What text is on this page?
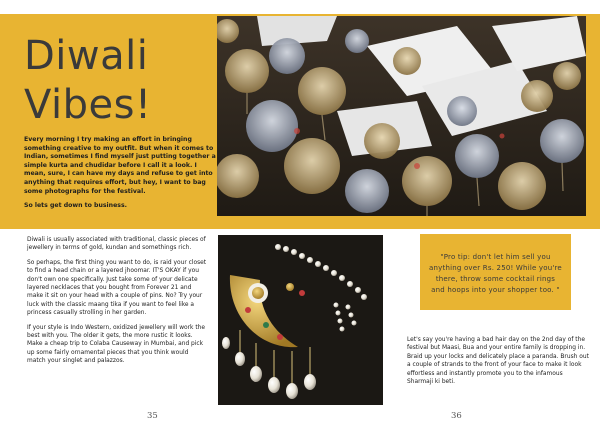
Diwali
Vibes!

Every morning I try making an effort in bringing something creative to my outfit. But when it comes to Indian, sometimes I find myself just putting together a simple kurta and chudidar before I call it a look. I mean, sure, I can have my days and refuse to get into anything that requires effort, but hey, I want to bag some photographs for the festival.

So lets get down to business.

Diwali is usually associated with traditional, classic pieces of jewellery in terms of gold, kundan and somethings rich.

So perhaps, the first thing you want to do, is raid your closet to find a head chain or a layered jhoomar. IT'S OKAY if you don't own one specifically. Just take some of your delicate layered necklaces that you bought from Forever 21 and make it sit on your head with a couple of pins. No? Try your luck with the classic maang tika if you want to feel like a princess casually strolling in her garden.

If your style is Indo Western, oxidized jewellery will work the best with you. The older it gets, the more rustic it looks. Make a cheap trip to Colaba Causeway in Mumbai, and pick up some fairly ornamental pieces that you think would match your singlet and palazzos.

"Pro tip: don't let him sell you anything over Rs. 250! While you're there, throw some cocktail rings and hoops into your shopper too. "

Let's say you're having a bad hair day on the 2nd day of the festival but Maasi, Bua and your entire family is dropping in. Braid up your locks and delicately place a paranda. Brush out a couple of strands to the front of your face to make it look effortless and instantly promote you to the infamous Sharmaji ki beti.

35	36
